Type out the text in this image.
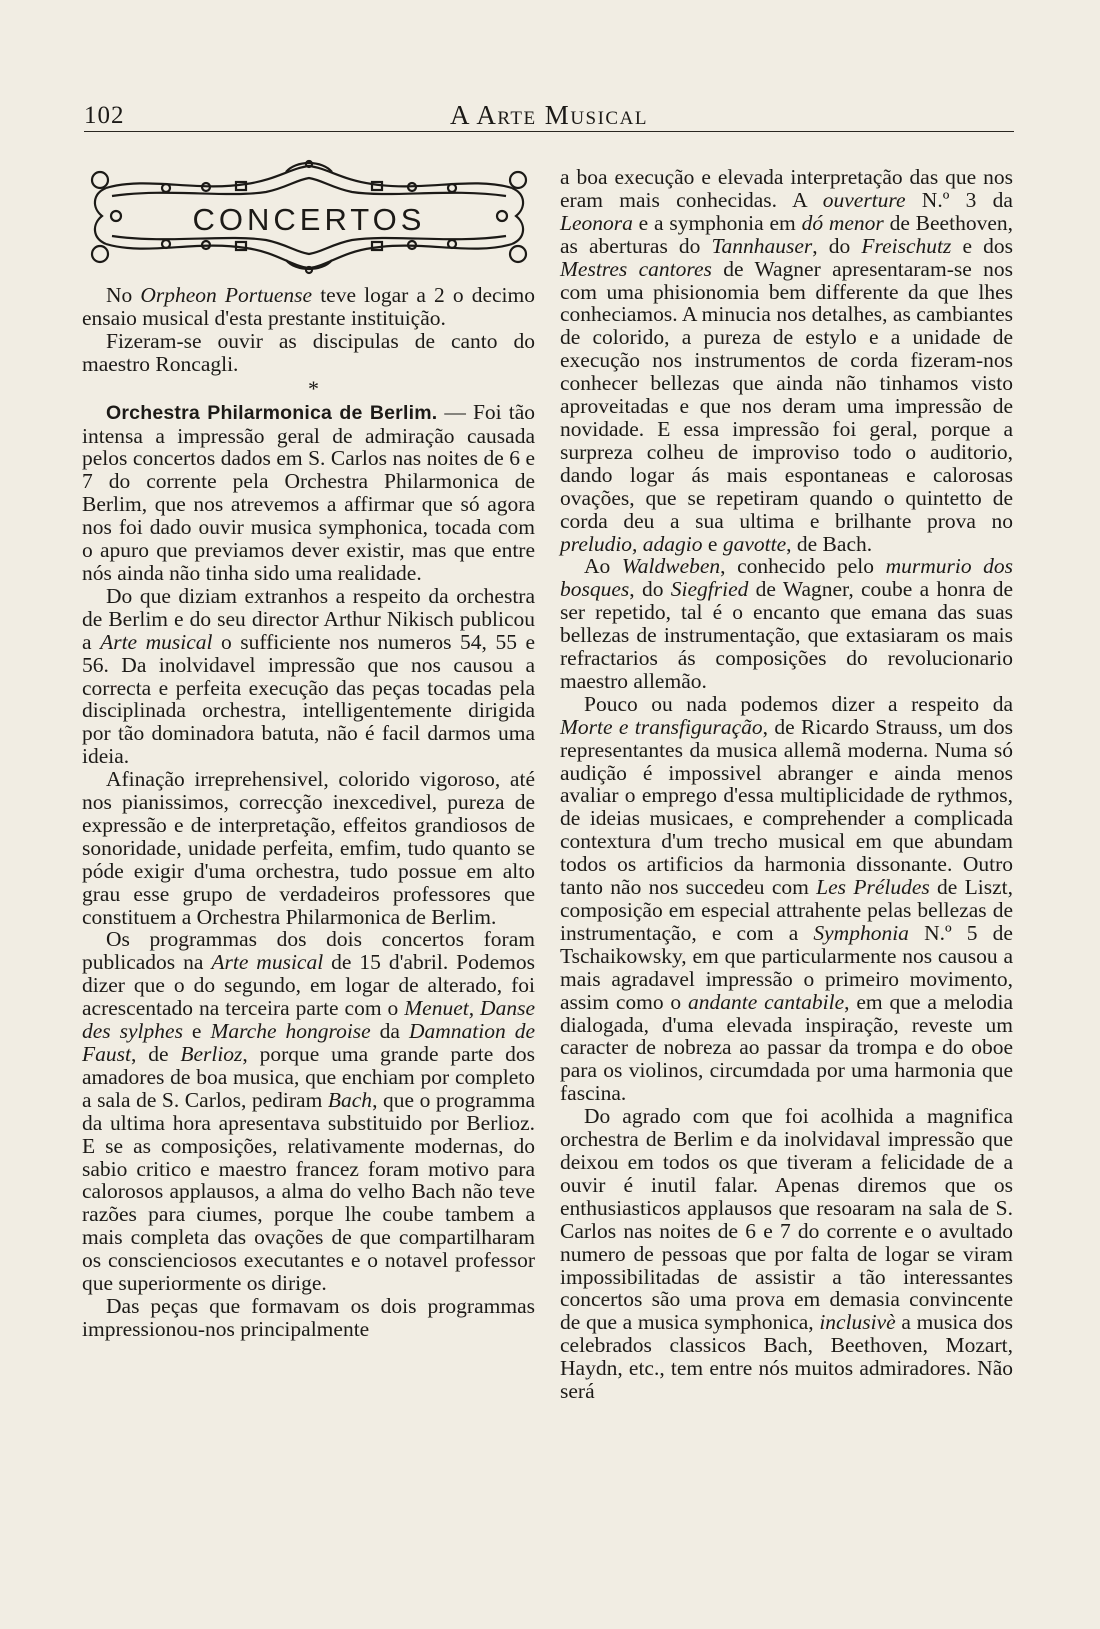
102	A Arte Musical
CONCERTOS

No Orpheon Portuense teve logar a 2 o decimo ensaio musical d'esta prestante instituição.

Fizeram-se ouvir as discipulas de canto do maestro Roncagli.

*

Orchestra Philarmonica de Berlim. — Foi tão intensa a impressão geral de admiração causada pelos concertos dados em S. Carlos nas noites de 6 e 7 do corrente pela Orchestra Philarmonica de Berlim, que nos atrevemos a affirmar que só agora nos foi dado ouvir musica symphonica, tocada com o apuro que previamos dever existir, mas que entre nós ainda não tinha sido uma realidade.

Do que diziam extranhos a respeito da orchestra de Berlim e do seu director Arthur Nikisch publicou a Arte musical o sufficiente nos numeros 54, 55 e 56. Da inolvidavel impressão que nos causou a correcta e perfeita execução das peças tocadas pela disciplinada orchestra, intelligentemente dirigida por tão dominadora batuta, não é facil darmos uma ideia.

Afinação irreprehensivel, colorido vigoroso, até nos pianissimos, correcção inexcedivel, pureza de expressão e de interpretação, effeitos grandiosos de sonoridade, unidade perfeita, emfim, tudo quanto se póde exigir d'uma orchestra, tudo possue em alto grau esse grupo de verdadeiros professores que constituem a Orchestra Philarmonica de Berlim.

Os programmas dos dois concertos foram publicados na Arte musical de 15 d'abril. Podemos dizer que o do segundo, em logar de alterado, foi acrescentado na terceira parte com o Menuet, Danse des sylphes e Marche hongroise da Damnation de Faust, de Berlioz, porque uma grande parte dos amadores de boa musica, que enchiam por completo a sala de S. Carlos, pediram Bach, que o programma da ultima hora apresentava substituido por Berlioz. E se as composições, relativamente modernas, do sabio critico e maestro francez foram motivo para calorosos applausos, a alma do velho Bach não teve razões para ciumes, porque lhe coube tambem a mais completa das ovações de que compartilharam os conscienciosos executantes e o notavel professor que superiormente os dirige.

Das peças que formavam os dois programmas impressionou-nos principalmente

a boa execução e elevada interpretação das que nos eram mais conhecidas. A ouverture N.º 3 da Leonora e a symphonia em dó menor de Beethoven, as aberturas do Tannhauser, do Freischutz e dos Mestres cantores de Wagner apresentaram-se nos com uma phisionomia bem differente da que lhes conheciamos. A minucia nos detalhes, as cambiantes de colorido, a pureza de estylo e a unidade de execução nos instrumentos de corda fizeram-nos conhecer bellezas que ainda não tinhamos visto aproveitadas e que nos deram uma impressão de novidade. E essa impressão foi geral, porque a surpreza colheu de improviso todo o auditorio, dando logar ás mais espontaneas e calorosas ovações, que se repetiram quando o quintetto de corda deu a sua ultima e brilhante prova no preludio, adagio e gavotte, de Bach.

Ao Waldweben, conhecido pelo murmurio dos bosques, do Siegfried de Wagner, coube a honra de ser repetido, tal é o encanto que emana das suas bellezas de instrumentação, que extasiaram os mais refractarios ás composições do revolucionario maestro allemão.

Pouco ou nada podemos dizer a respeito da Morte e transfiguração, de Ricardo Strauss, um dos representantes da musica allemã moderna. Numa só audição é impossivel abranger e ainda menos avaliar o emprego d'essa multiplicidade de rythmos, de ideias musicaes, e comprehender a complicada contextura d'um trecho musical em que abundam todos os artificios da harmonia dissonante. Outro tanto não nos succedeu com Les Préludes de Liszt, composição em especial attrahente pelas bellezas de instrumentação, e com a Symphonia N.º 5 de Tschaikowsky, em que particularmente nos causou a mais agradavel impressão o primeiro movimento, assim como o andante cantabile, em que a melodia dialogada, d'uma elevada inspiração, reveste um caracter de nobreza ao passar da trompa e do oboe para os violinos, circumdada por uma harmonia que fascina.

Do agrado com que foi acolhida a magnifica orchestra de Berlim e da inolvidaval impressão que deixou em todos os que tiveram a felicidade de a ouvir é inutil falar. Apenas diremos que os enthusiasticos applausos que resoaram na sala de S. Carlos nas noites de 6 e 7 do corrente e o avultado numero de pessoas que por falta de logar se viram impossibilitadas de assistir a tão interessantes concertos são uma prova em demasia convincente de que a musica symphonica, inclusivè a musica dos celebrados classicos Bach, Beethoven, Mozart, Haydn, etc., tem entre nós muitos admiradores. Não será
